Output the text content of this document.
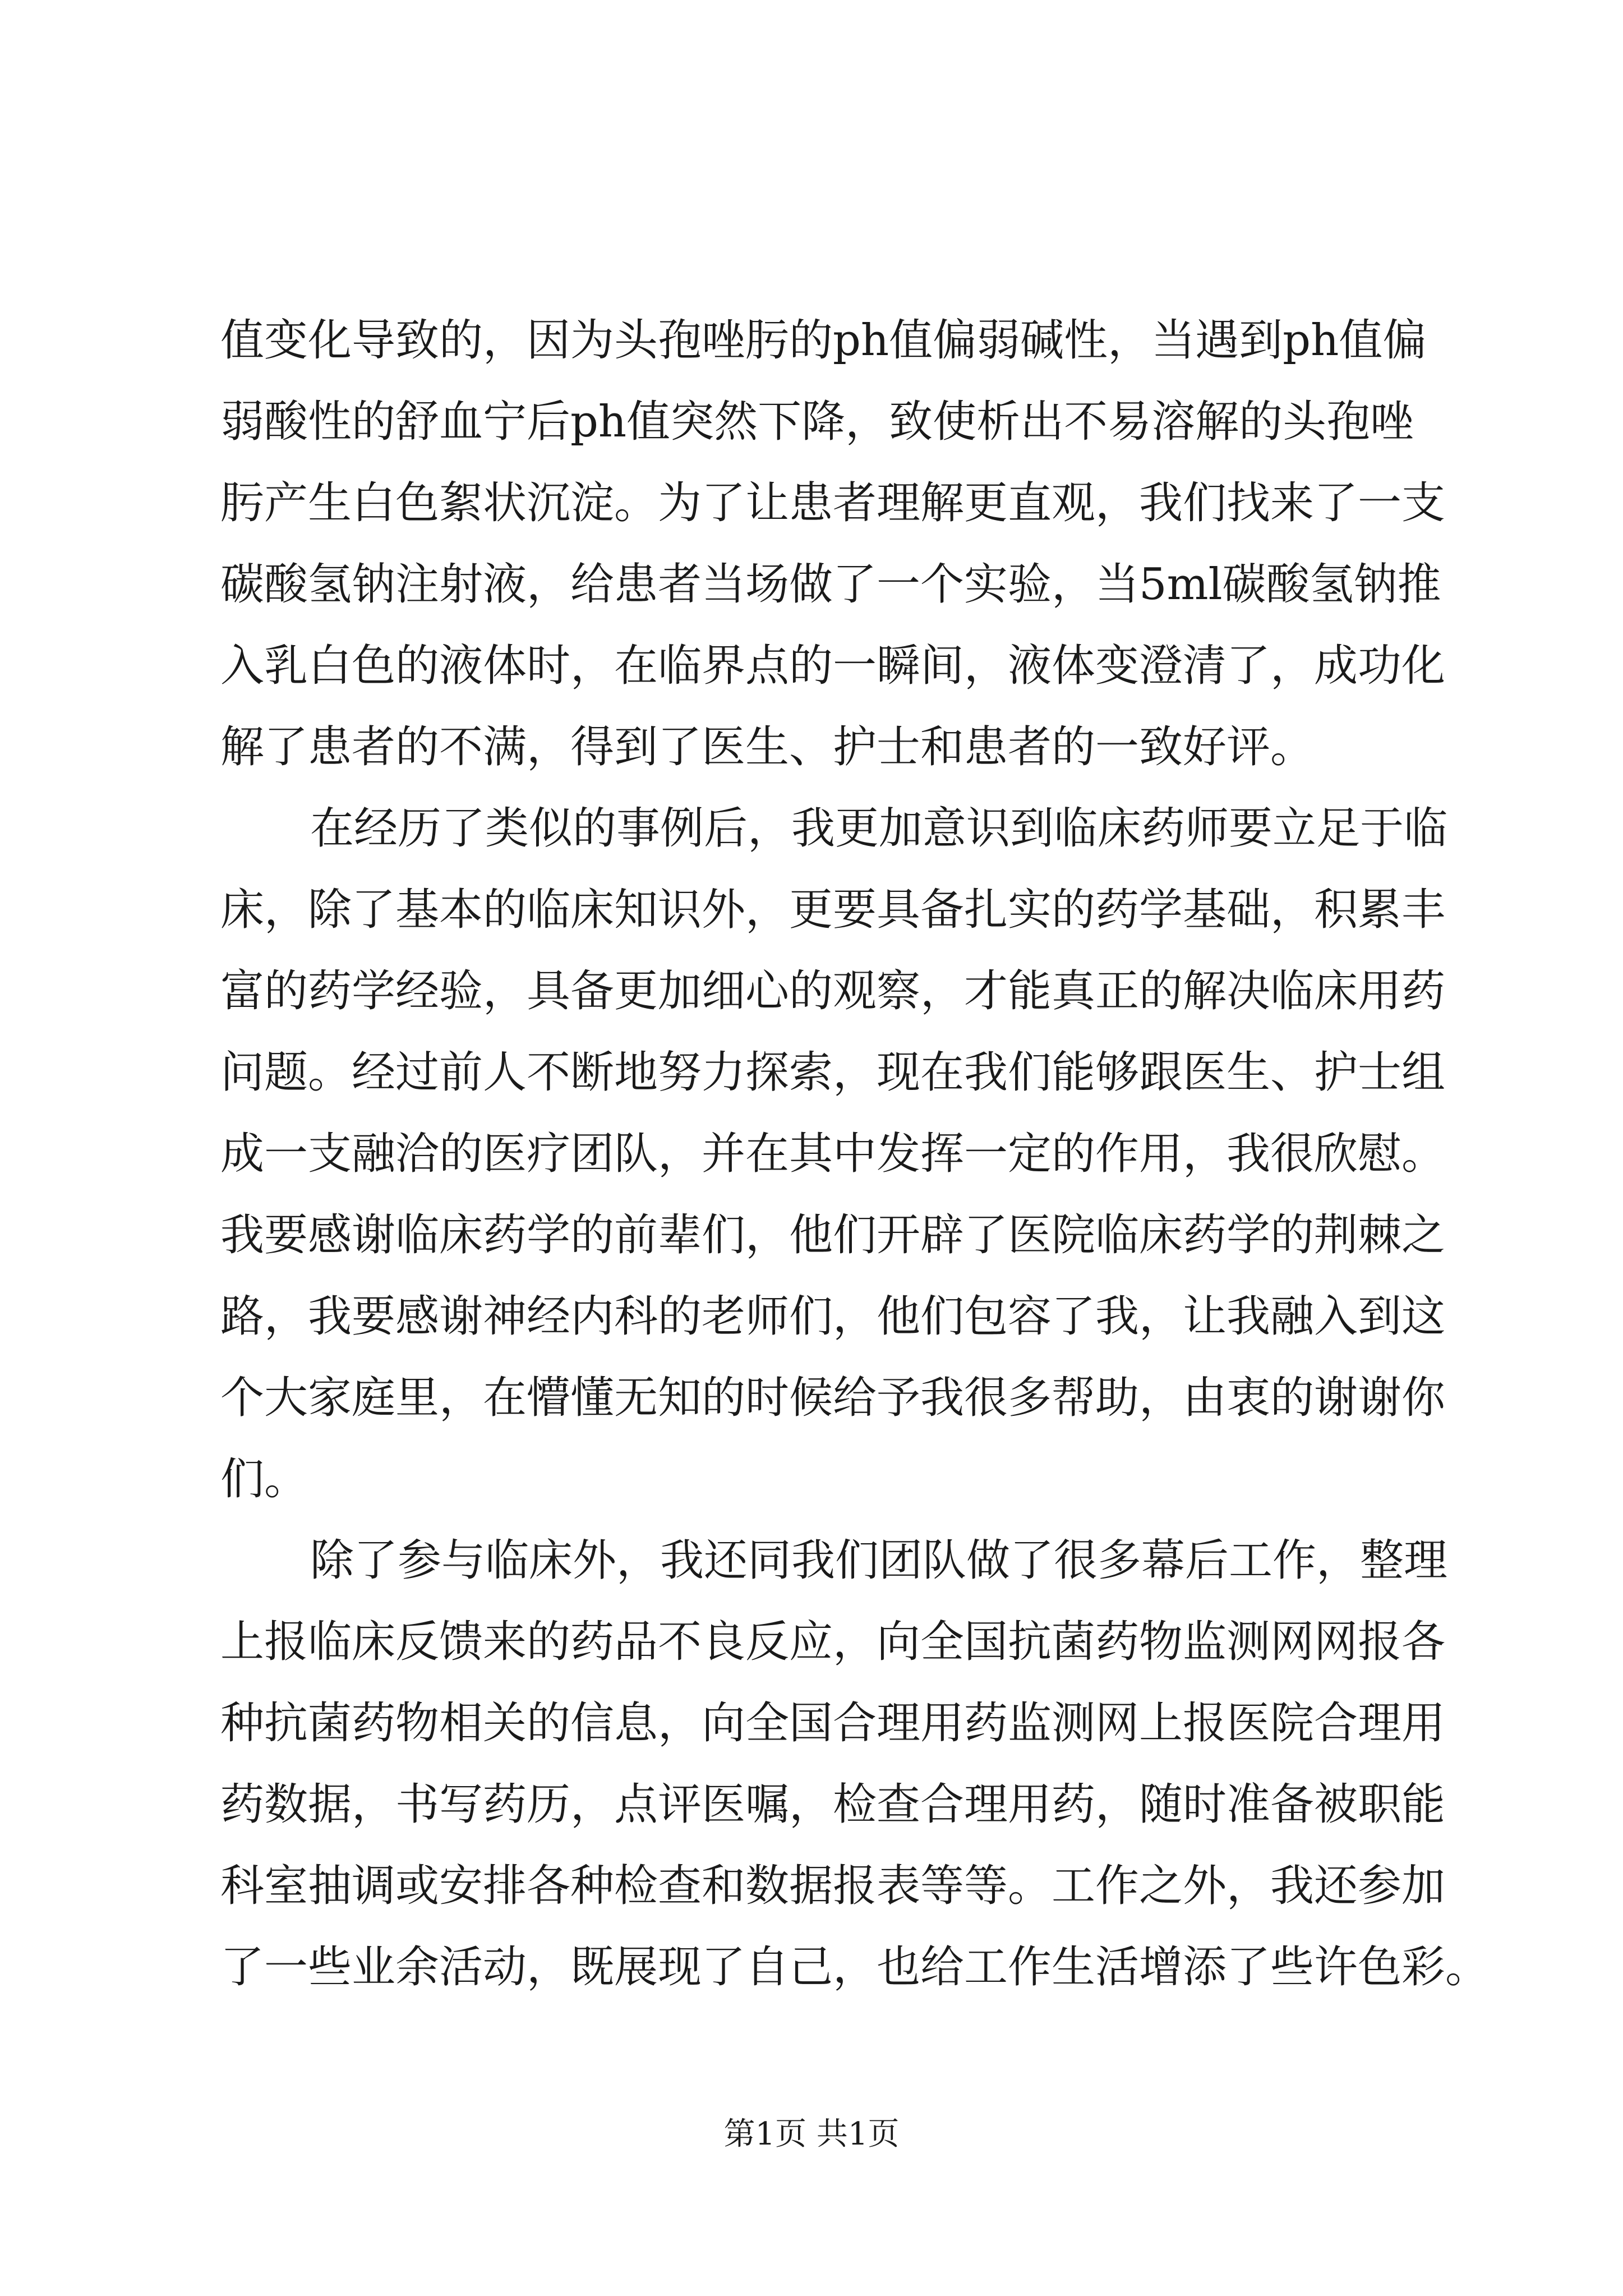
值变化导致的，因为头孢唑肟的ph值偏弱碱性，当遇到ph值偏
弱酸性的舒血宁后ph值突然下降，致使析出不易溶解的头孢唑
肟产生白色絮状沉淀。为了让患者理解更直观，我们找来了一支
碳酸氢钠注射液，给患者当场做了一个实验，当5ml碳酸氢钠推
入乳白色的液体时，在临界点的一瞬间，液体变澄清了，成功化
解了患者的不满，得到了医生、护士和患者的一致好评。
在经历了类似的事例后，我更加意识到临床药师要立足于临
床，除了基本的临床知识外，更要具备扎实的药学基础，积累丰
富的药学经验，具备更加细心的观察，才能真正的解决临床用药
问题。经过前人不断地努力探索，现在我们能够跟医生、护士组
成一支融洽的医疗团队，并在其中发挥一定的作用，我很欣慰。
我要感谢临床药学的前辈们，他们开辟了医院临床药学的荆棘之
路，我要感谢神经内科的老师们，他们包容了我，让我融入到这
个大家庭里，在懵懂无知的时候给予我很多帮助，由衷的谢谢你
们。
除了参与临床外，我还同我们团队做了很多幕后工作，整理
上报临床反馈来的药品不良反应，向全国抗菌药物监测网网报各
种抗菌药物相关的信息，向全国合理用药监测网上报医院合理用
药数据，书写药历，点评医嘱，检查合理用药，随时准备被职能
科室抽调或安排各种检查和数据报表等等。工作之外，我还参加
了一些业余活动，既展现了自己，也给工作生活增添了些许色彩。
第1页 共1页
